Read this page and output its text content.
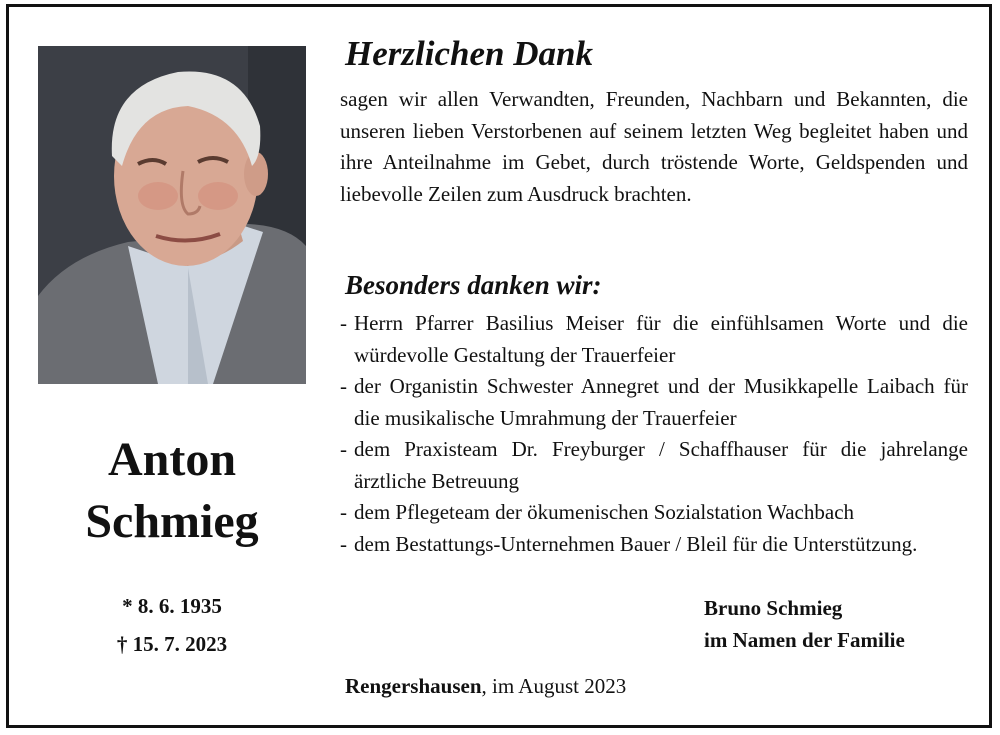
Anton
Schmieg
* 8. 6. 1935
† 15. 7. 2023
Herzlichen Dank
sagen wir allen Verwandten, Freunden, Nachbarn und Bekannten, die unseren lieben Verstorbenen auf seinem letzten Weg begleitet haben und ihre Anteilnahme im Gebet, durch tröstende Worte, Geldspenden und liebevolle Zeilen zum Ausdruck brachten.
Besonders danken wir:
- Herrn Pfarrer Basilius Meiser für die einfühlsamen Worte und die würdevolle Gestaltung der Trauerfeier
- der Organistin Schwester Annegret und der Musikkapelle Laibach für die musikalische Umrahmung der Trauerfeier
- dem Praxisteam Dr. Freyburger / Schaffhauser für die jahrelange ärztliche Betreuung
- dem Pflegeteam der ökumenischen Sozialstation Wachbach
- dem Bestattungs-Unternehmen Bauer / Bleil für die Unterstützung.
Bruno Schmieg
im Namen der Familie
Rengershausen, im August 2023
